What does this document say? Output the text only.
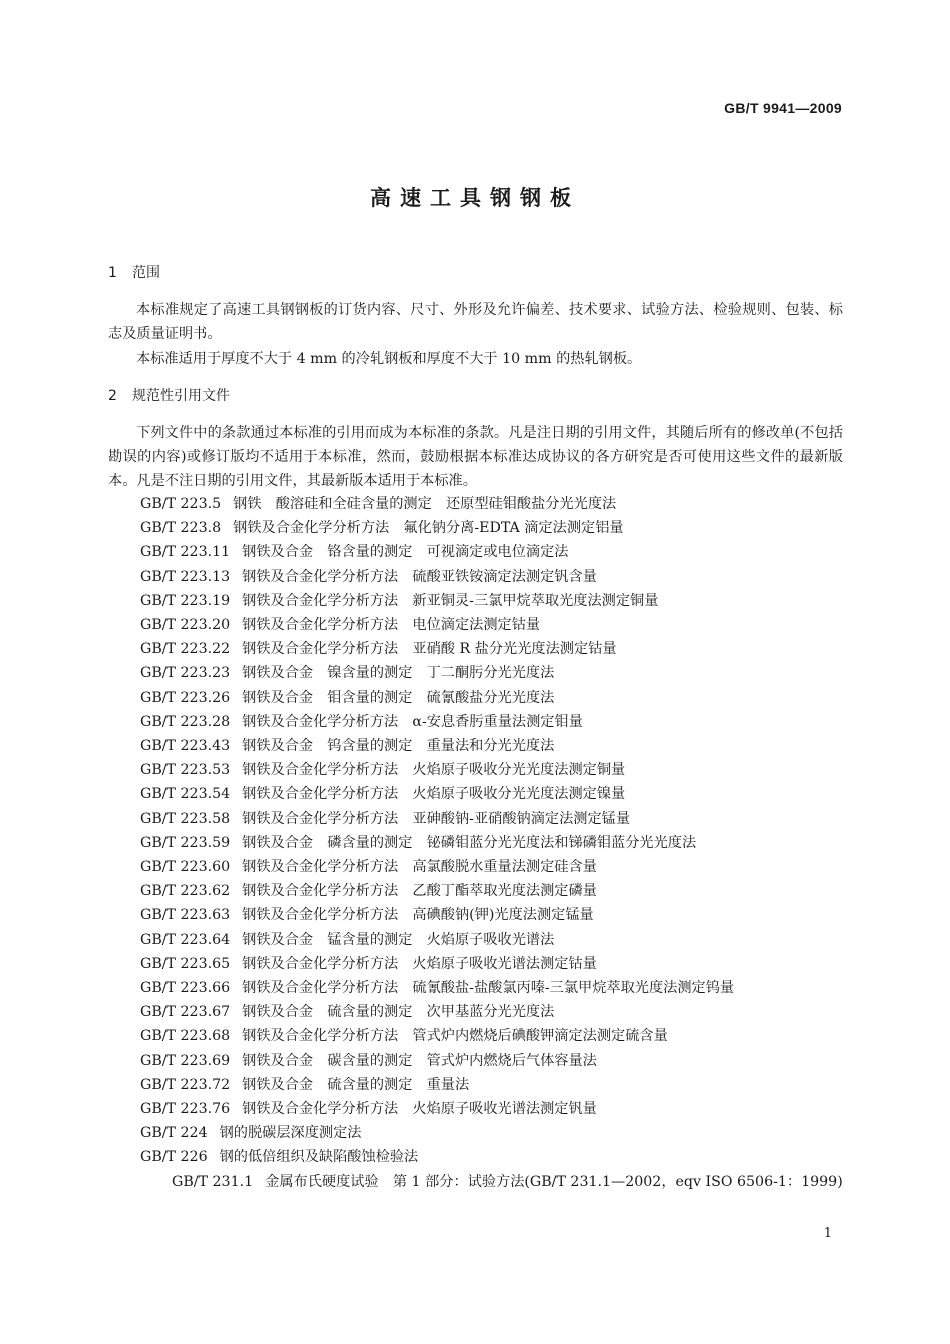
GB/T 9941—2009
高速工具钢钢板
1 范围
本标准规定了高速工具钢钢板的订货内容、尺寸、外形及允许偏差、技术要求、试验方法、检验规则、包装、标志及质量证明书。
本标准适用于厚度不大于 4 mm 的冷轧钢板和厚度不大于 10 mm 的热轧钢板。
2 规范性引用文件
下列文件中的条款通过本标准的引用而成为本标准的条款。凡是注日期的引用文件，其随后所有的修改单(不包括勘误的内容)或修订版均不适用于本标准，然而，鼓励根据本标准达成协议的各方研究是否可使用这些文件的最新版本。凡是不注日期的引用文件，其最新版本适用于本标准。
GB/T 223.5 钢铁　酸溶硅和全硅含量的测定　还原型硅钼酸盐分光光度法
GB/T 223.8 钢铁及合金化学分析方法　氟化钠分离-EDTA 滴定法测定铝量
GB/T 223.11 钢铁及合金　铬含量的测定　可视滴定或电位滴定法
GB/T 223.13 钢铁及合金化学分析方法　硫酸亚铁铵滴定法测定钒含量
GB/T 223.19 钢铁及合金化学分析方法　新亚铜灵-三氯甲烷萃取光度法测定铜量
GB/T 223.20 钢铁及合金化学分析方法　电位滴定法测定钴量
GB/T 223.22 钢铁及合金化学分析方法　亚硝酸 R 盐分光光度法测定钴量
GB/T 223.23 钢铁及合金　镍含量的测定　丁二酮肟分光光度法
GB/T 223.26 钢铁及合金　钼含量的测定　硫氰酸盐分光光度法
GB/T 223.28 钢铁及合金化学分析方法　α-安息香肟重量法测定钼量
GB/T 223.43 钢铁及合金　钨含量的测定　重量法和分光光度法
GB/T 223.53 钢铁及合金化学分析方法　火焰原子吸收分光光度法测定铜量
GB/T 223.54 钢铁及合金化学分析方法　火焰原子吸收分光光度法测定镍量
GB/T 223.58 钢铁及合金化学分析方法　亚砷酸钠-亚硝酸钠滴定法测定锰量
GB/T 223.59 钢铁及合金　磷含量的测定　铋磷钼蓝分光光度法和锑磷钼蓝分光光度法
GB/T 223.60 钢铁及合金化学分析方法　高氯酸脱水重量法测定硅含量
GB/T 223.62 钢铁及合金化学分析方法　乙酸丁酯萃取光度法测定磷量
GB/T 223.63 钢铁及合金化学分析方法　高碘酸钠(钾)光度法测定锰量
GB/T 223.64 钢铁及合金　锰含量的测定　火焰原子吸收光谱法
GB/T 223.65 钢铁及合金化学分析方法　火焰原子吸收光谱法测定钴量
GB/T 223.66 钢铁及合金化学分析方法　硫氰酸盐-盐酸氯丙嗪-三氯甲烷萃取光度法测定钨量
GB/T 223.67 钢铁及合金　硫含量的测定　次甲基蓝分光光度法
GB/T 223.68 钢铁及合金化学分析方法　管式炉内燃烧后碘酸钾滴定法测定硫含量
GB/T 223.69 钢铁及合金　碳含量的测定　管式炉内燃烧后气体容量法
GB/T 223.72 钢铁及合金　硫含量的测定　重量法
GB/T 223.76 钢铁及合金化学分析方法　火焰原子吸收光谱法测定钒量
GB/T 224 钢的脱碳层深度测定法
GB/T 226 钢的低倍组织及缺陷酸蚀检验法
GB/T 231.1 金属布氏硬度试验　第 1 部分：试验方法(GB/T 231.1—2002，eqv ISO 6506-1：1999)
1
